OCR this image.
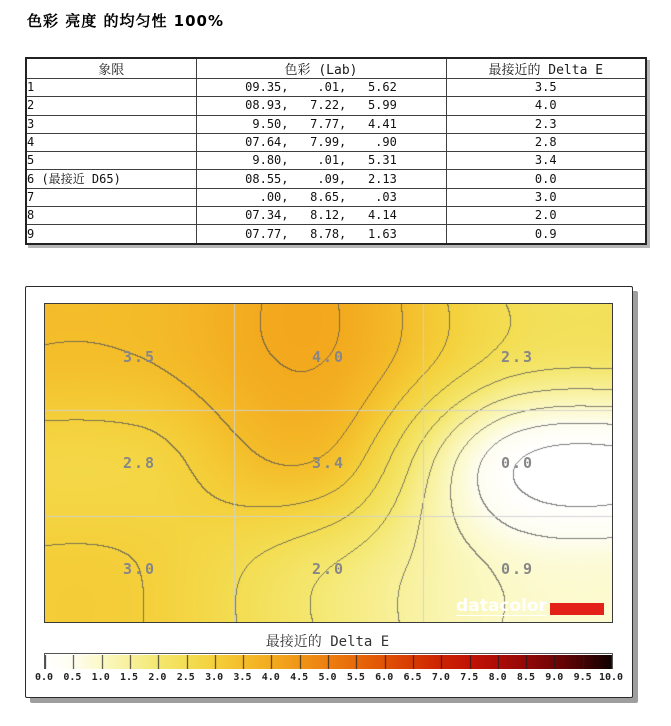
色彩 亮度 的均匀性 100%
象限	色彩 (Lab)	最接近的 Delta E
1	09.35,    .01,   5.62	3.5
2	08.93,   7.22,   5.99	4.0
3	9.50,   7.77,   4.41	2.3
4	07.64,   7.99,    .90	2.8
5	9.80,    .01,   5.31	3.4
6 (最接近 D65)	08.55,    .09,   2.13	0.0
7	.00,   8.65,    .03	3.0
8	07.34,   8.12,   4.14	2.0
9	07.77,   8.78,   1.63	0.9
3.5	4.0	2.3
2.8	3.4	0.0
3.0	2.0	0.9
datacolor
最接近的 Delta E
0.0 0.5 1.0 1.5 2.0 2.5 3.0 3.5 4.0 4.5 5.0 5.5 6.0 6.5 7.0 7.5 8.0 8.5 9.0 9.5 10.0
